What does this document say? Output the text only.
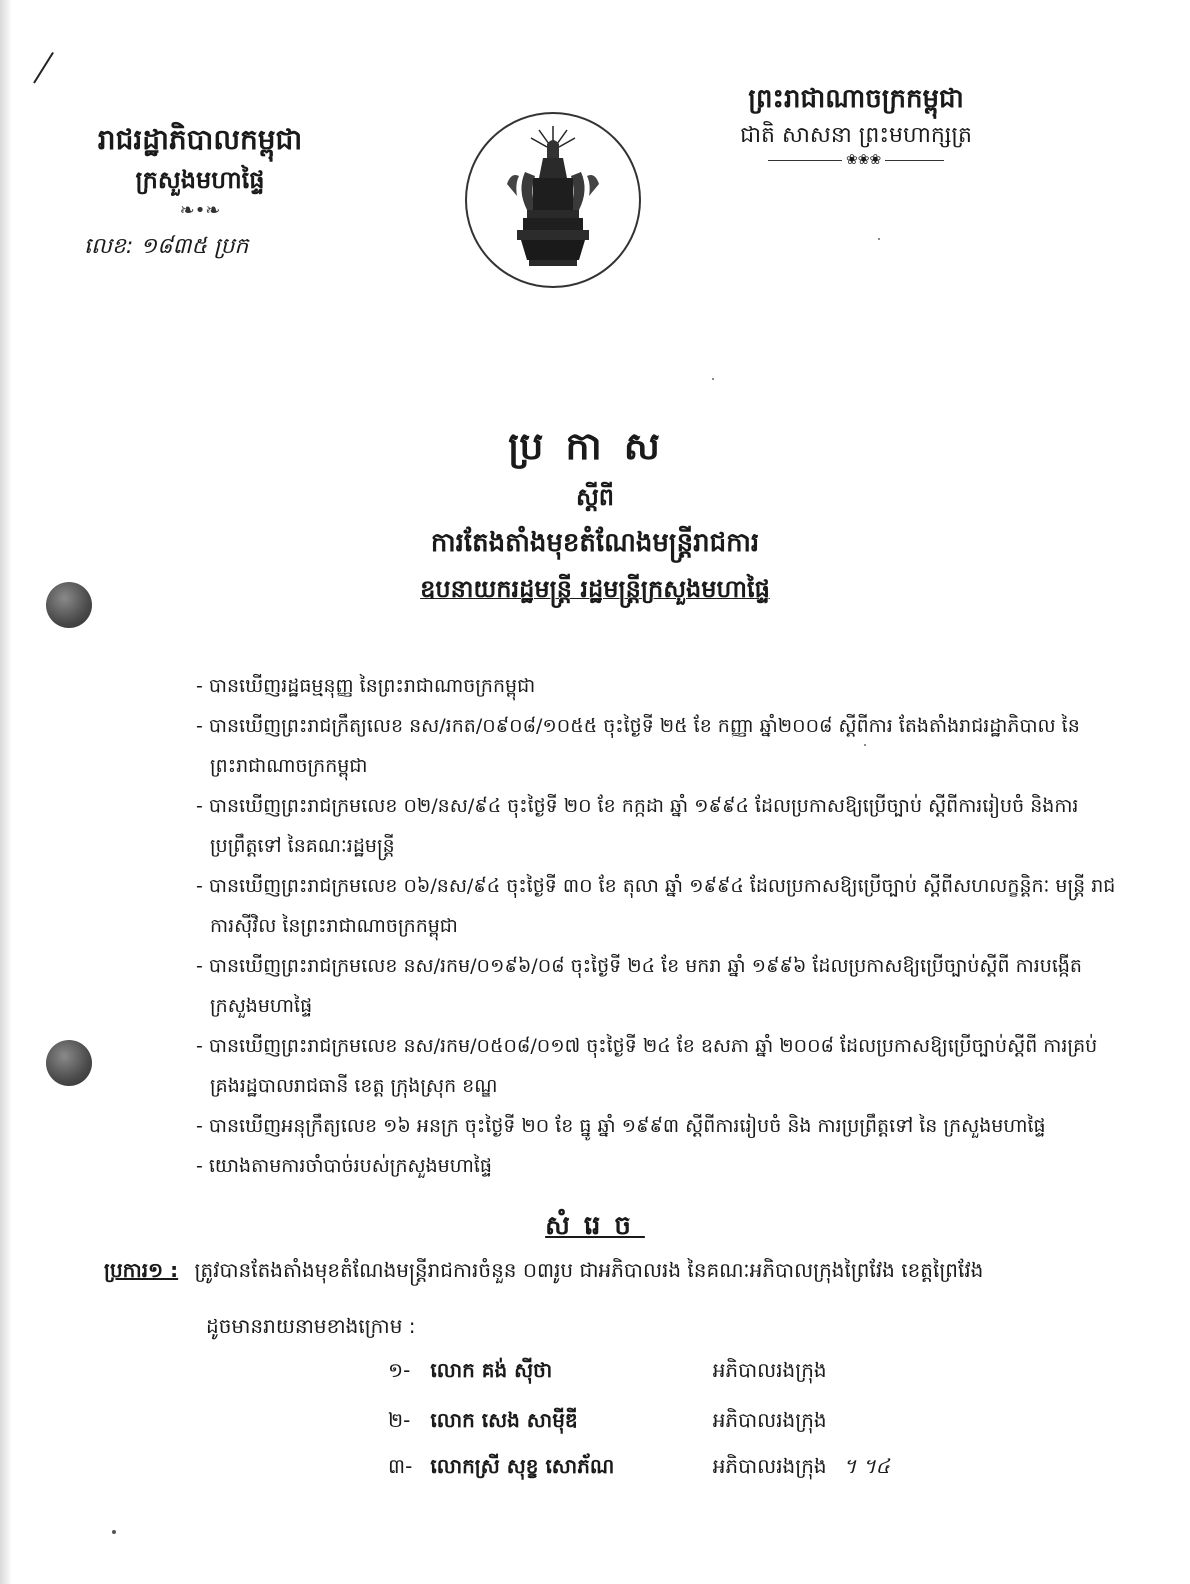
រាជរដ្ឋាភិបាលកម្ពុជា
ក្រសួងមហាផ្ទៃ
❧•❧
លេខ: ១៨៣៥ ប្រក
ព្រះរាជាណាចក្រកម្ពុជា
ជាតិ សាសនា ព្រះមហាក្សត្រ
❀❀❀
ប្រកាស
ស្តីពី
ការតែងតាំងមុខតំណែងមន្ត្រីរាជការ
ឧបនាយករដ្ឋមន្ត្រី រដ្ឋមន្ត្រីក្រសួងមហាផ្ទៃ
- បានឃើញរដ្ឋធម្មនុញ្ញ នៃព្រះរាជាណាចក្រកម្ពុជា
- បានឃើញព្រះរាជក្រឹត្យលេខ នស/រកត/០៩០៨/១០៥៥ ចុះថ្ងៃទី ២៥ ខែ កញ្ញា ឆ្នាំ២០០៨ ស្តីពីការ តែងតាំងរាជរដ្ឋាភិបាល នៃព្រះរាជាណាចក្រកម្ពុជា
- បានឃើញព្រះរាជក្រមលេខ ០២/នស/៩៤ ចុះថ្ងៃទី ២០ ខែ កក្កដា ឆ្នាំ ១៩៩៤ ដែលប្រកាសឱ្យប្រើច្បាប់ ស្តីពីការរៀបចំ និងការប្រព្រឹត្តទៅ នៃគណៈរដ្ឋមន្ត្រី
- បានឃើញព្រះរាជក្រមលេខ ០៦/នស/៩៤ ចុះថ្ងៃទី ៣០ ខែ តុលា ឆ្នាំ ១៩៩៤ ដែលប្រកាសឱ្យប្រើច្បាប់ ស្តីពីសហលក្ខន្តិកៈ មន្ត្រី រាជការស៊ីវិល នៃព្រះរាជាណាចក្រកម្ពុជា
- បានឃើញព្រះរាជក្រមលេខ នស/រកម/០១៩៦/០៨ ចុះថ្ងៃទី ២៤ ខែ មករា ឆ្នាំ ១៩៩៦ ដែលប្រកាសឱ្យប្រើច្បាប់ស្តីពី ការបង្កើតក្រសួងមហាផ្ទៃ
- បានឃើញព្រះរាជក្រមលេខ នស/រកម/០៥០៨/០១៧ ចុះថ្ងៃទី ២៤ ខែ ឧសភា ឆ្នាំ ២០០៨ ដែលប្រកាសឱ្យប្រើច្បាប់ស្តីពី ការគ្រប់គ្រងរដ្ឋបាលរាជធានី ខេត្ត ក្រុងស្រុក ខណ្ឌ
- បានឃើញអនុក្រឹត្យលេខ ១៦ អនក្រ ចុះថ្ងៃទី ២០ ខែ ធ្នូ ឆ្នាំ ១៩៩៣ ស្តីពីការរៀបចំ និង ការប្រព្រឹត្តទៅ នៃ ក្រសួងមហាផ្ទៃ
- យោងតាមការចាំបាច់របស់ក្រសួងមហាផ្ទៃ
សំរេច
ប្រការ១ : ត្រូវបានតែងតាំងមុខតំណែងមន្ត្រីរាជការចំនួន ០៣រូប ជាអភិបាលរង នៃគណៈអភិបាលក្រុងព្រៃវែង ខេត្តព្រៃវែង
ដូចមានរាយនាមខាងក្រោម :
១- លោក គង់ ស៊ីថា	អភិបាលរងក្រុង
២- លោក សេង សាមុីឌី	អភិបាលរងក្រុង
៣- លោកស្រី សុខ្ខ សោភ័ណ	អភិបាលរងក្រុង ។ ។៤
